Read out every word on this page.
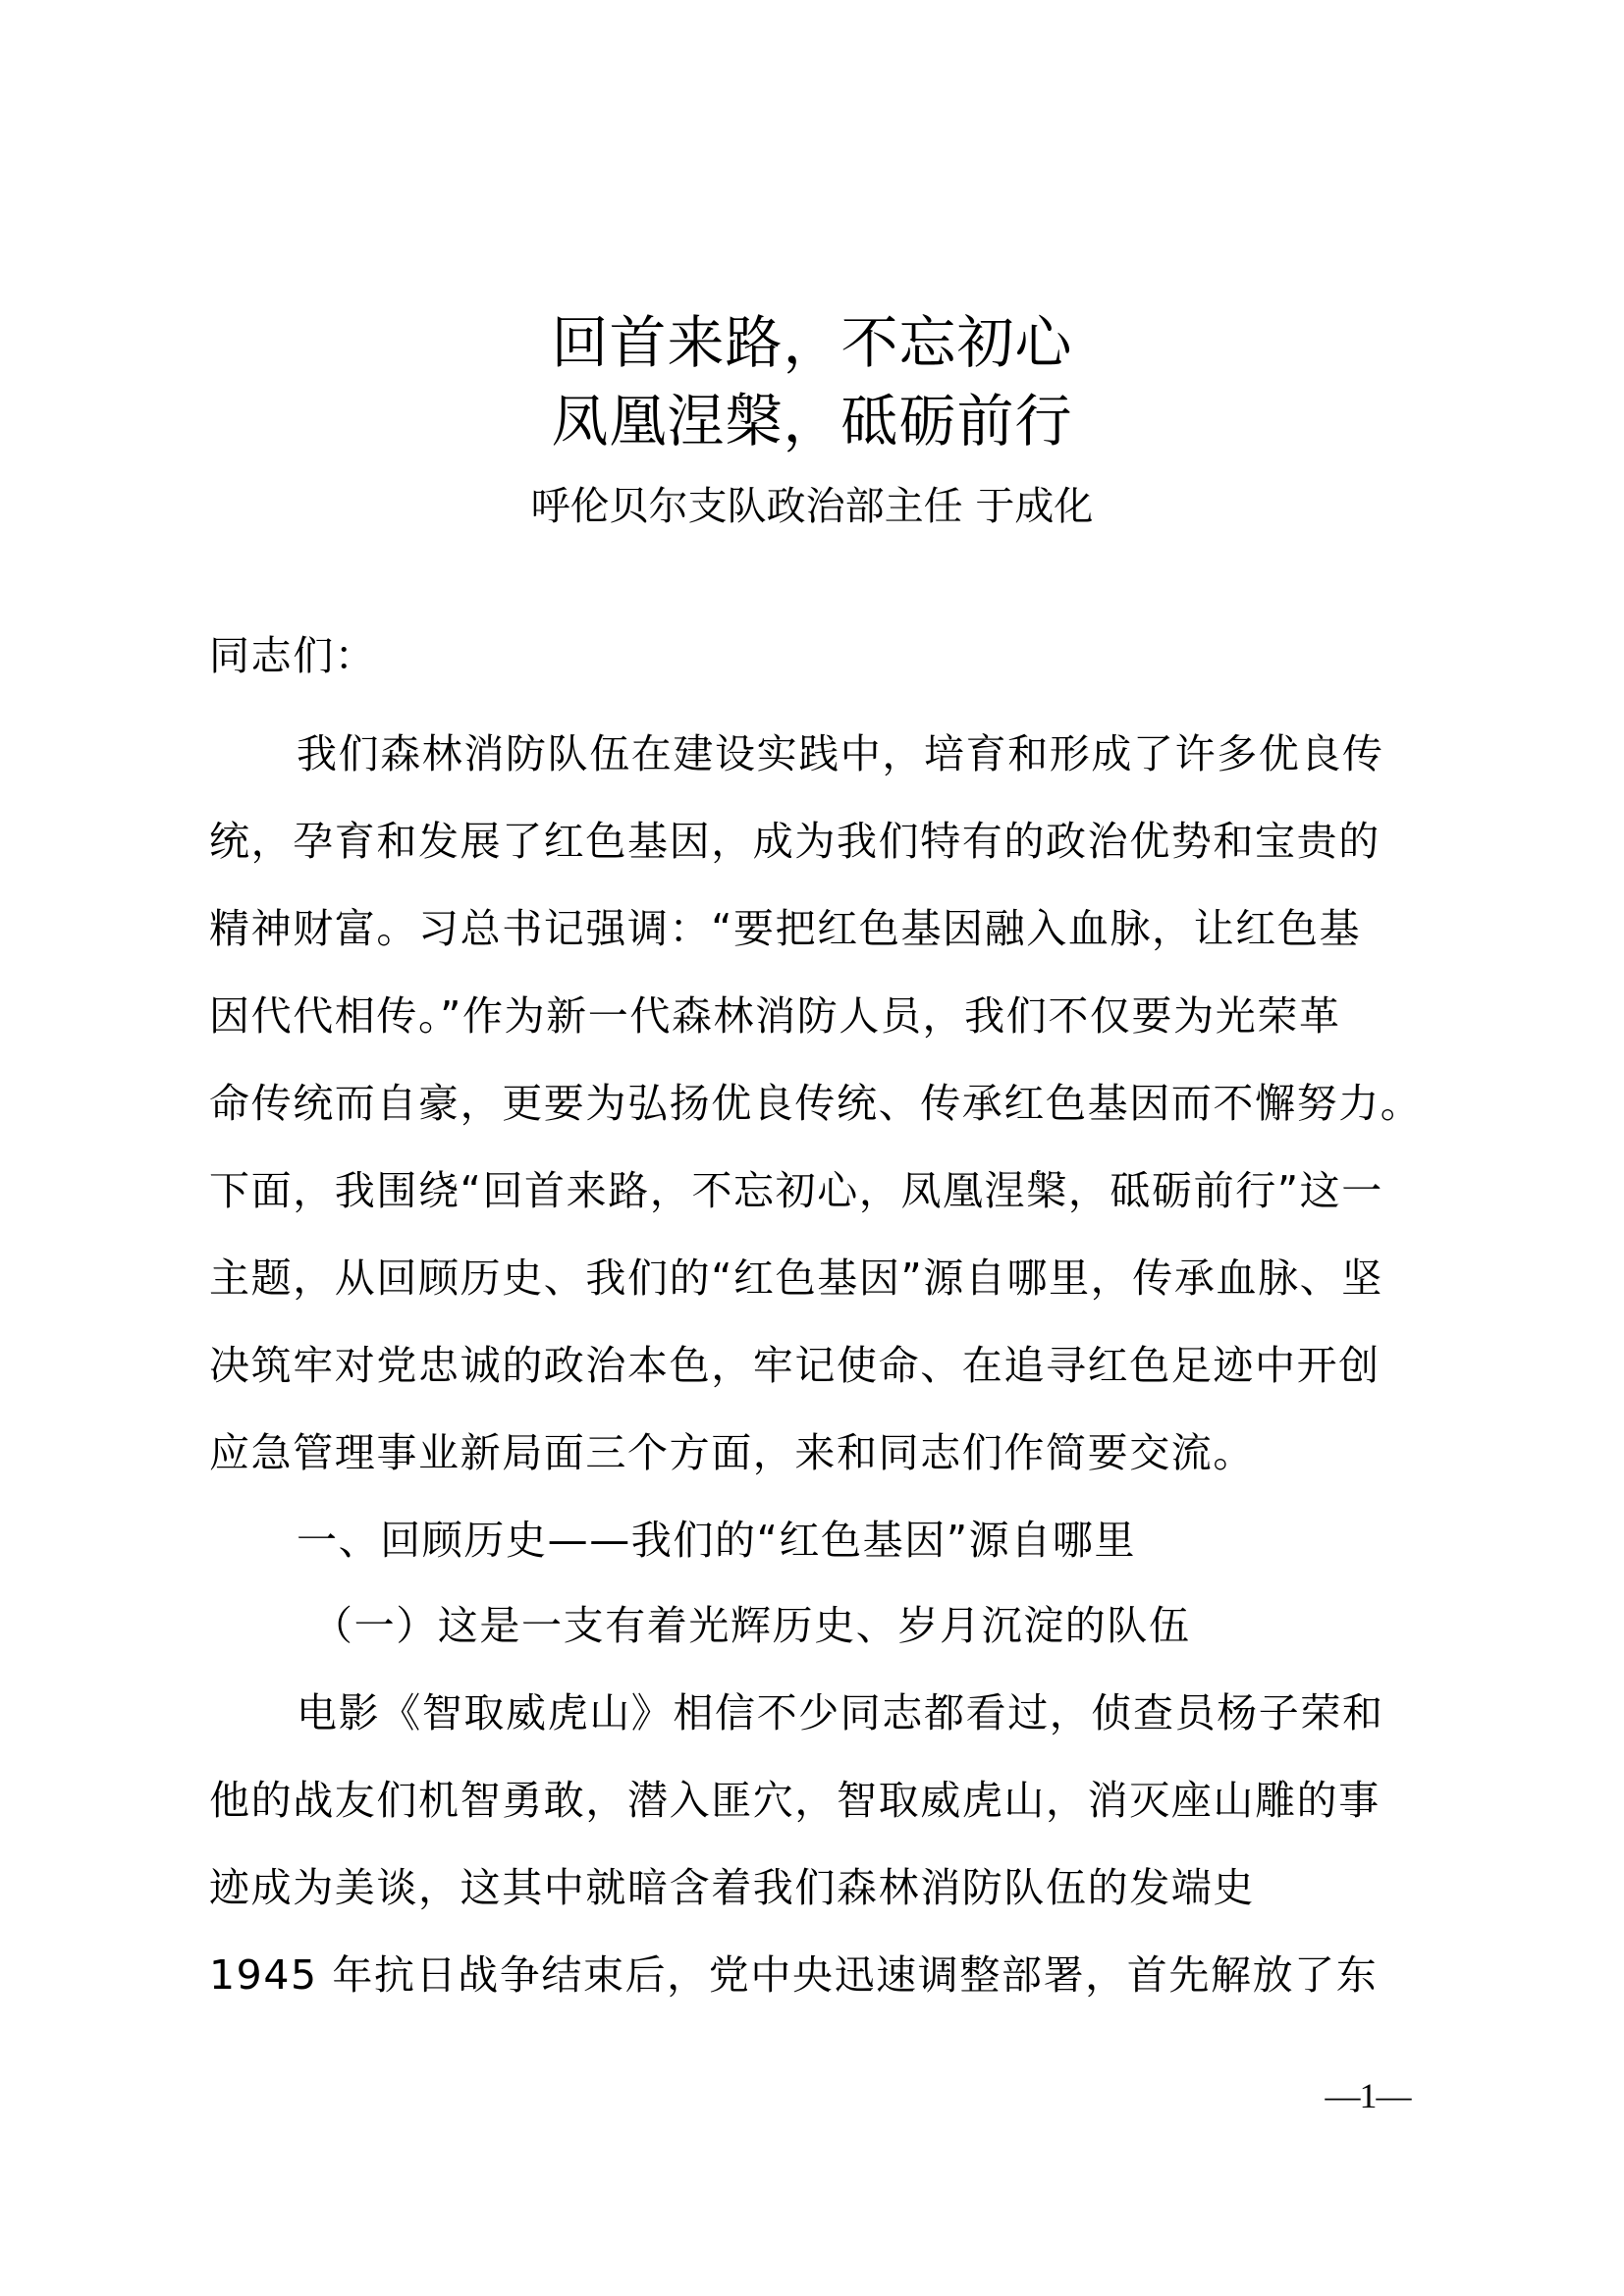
回首来路，不忘初心
凤凰涅槃，砥砺前行
呼伦贝尔支队政治部主任 于成化
同志们：
我们森林消防队伍在建设实践中，培育和形成了许多优良传
统，孕育和发展了红色基因，成为我们特有的政治优势和宝贵的
精神财富。习总书记强调：“要把红色基因融入血脉，让红色基
因代代相传。”作为新一代森林消防人员，我们不仅要为光荣革
命传统而自豪，更要为弘扬优良传统、传承红色基因而不懈努力。
下面，我围绕“回首来路，不忘初心，凤凰涅槃，砥砺前行”这一
主题，从回顾历史、我们的“红色基因”源自哪里，传承血脉、坚
决筑牢对党忠诚的政治本色，牢记使命、在追寻红色足迹中开创
应急管理事业新局面三个方面，来和同志们作简要交流。
一、回顾历史——我们的“红色基因”源自哪里
（一）这是一支有着光辉历史、岁月沉淀的队伍
电影《智取威虎山》相信不少同志都看过，侦查员杨子荣和
他的战友们机智勇敢，潜入匪穴，智取威虎山，消灭座山雕的事
迹成为美谈，这其中就暗含着我们森林消防队伍的发端史
1945 年抗日战争结束后，党中央迅速调整部署，首先解放了东
—1—
